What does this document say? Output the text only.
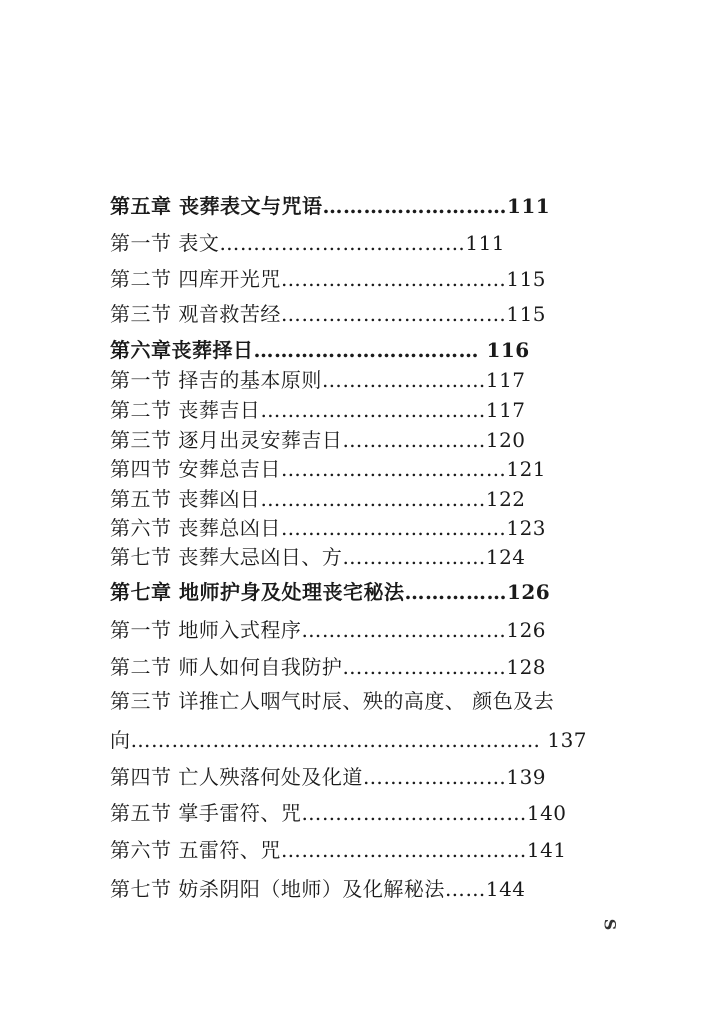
第五章 丧葬表文与咒语………………………111
第一节 表文………………………………111
第二节 四库开光咒……………………………115
第三节 观音救苦经……………………………115
第六章丧葬择日…………………………… 116
第一节 择吉的基本原则……………………117
第二节 丧葬吉日……………………………117
第三节 逐月出灵安葬吉日…………………120
第四节 安葬总吉日……………………………121
第五节 丧葬凶日……………………………122
第六节 丧葬总凶日……………………………123
第七节 丧葬大忌凶日、方…………………124
第七章 地师护身及处理丧宅秘法……………126
第一节 地师入式程序…………………………126
第二节 师人如何自我防护……………………128
第三节 详推亡人咽气时辰、殃的高度、 颜色及去
向…………………………………………………… 137
第四节 亡人殃落何处及化道…………………139
第五节 掌手雷符、咒……………………………140
第六节 五雷符、咒………………………………141
第七节 妨杀阴阳（地师）及化解秘法……144
S
